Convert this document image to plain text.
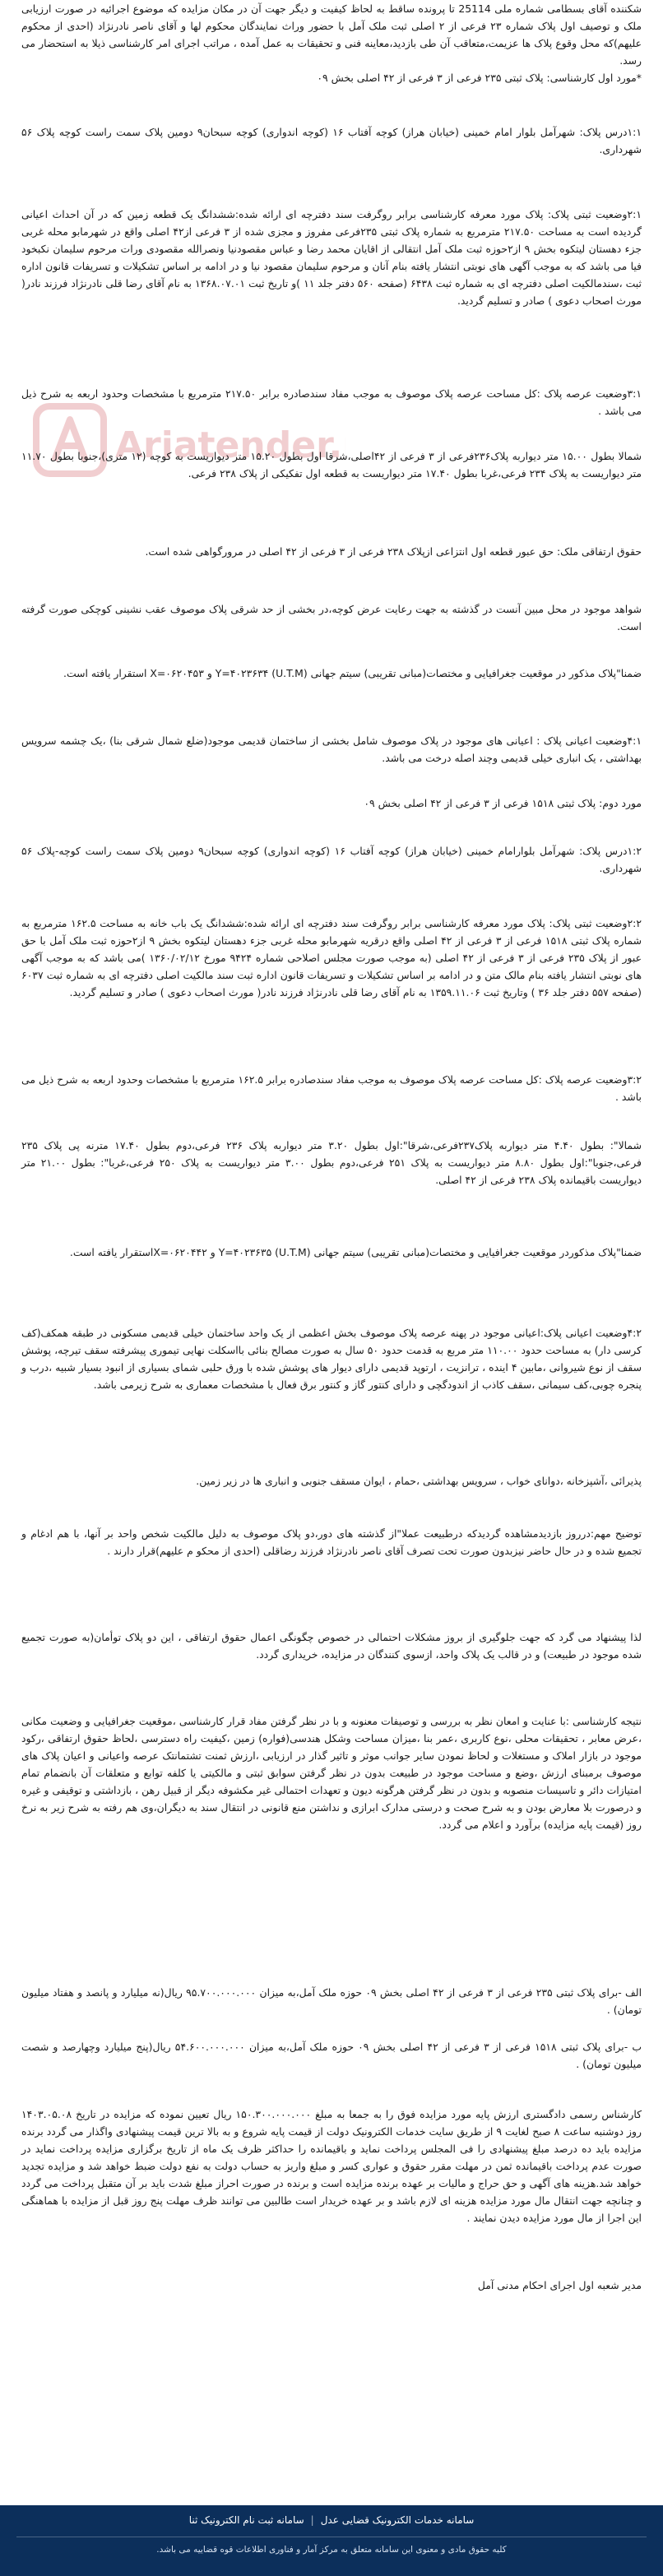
Ariatender.

شکننده آقای بسطامی شماره ملی 25114 تا پرونده ساقط به لحاظ کیفیت و دیگر جهت آن در مکان مزایده که موضوع اجرائیه در صورت ارزیابی ملک و توصیف اول پلاک شماره ۲۳ فرعی از ۲ اصلی ثبت ملک آمل با حضور وراث نمایندگان محکوم لها و آقای ناصر نادرنژاد (احدی از محکوم علیهم)که محل وقوع پلاک ها عزیمت،متعاقب آن طی بازدید،معاینه فنی و تحقیقات به عمل آمده ، مراتب اجرای امر کارشناسی ذیلا به استحضار می رسد.

*مورد اول کارشناسی: پلاک ثبتی ۲۳۵ فرعی از ۳ فرعی از ۴۲ اصلی بخش ۰۹

۱:۱درس پلاک: شهرآمل بلوار امام خمینی (خیابان هراز) کوچه آفتاب ۱۶ (کوچه اندواری) کوچه سبحان۹ دومین پلاک سمت راست کوچه پلاک ۵۶ شهرداری.

۲:۱وضعیت ثبتی پلاک: پلاک مورد معرفه کارشناسی برابر روگرفت سند دفترچه ای ارائه شده:ششدانگ یک قطعه زمین که در آن احداث اعیانی گردیده است به مساحت ۲۱۷.۵۰ مترمربع به شماره پلاک ثبتی ۲۳۵فرعی مفروز و مجزی شده از ۳ فرعی از۴۲ اصلی واقع در شهرمابو محله غربی جزء دهستان لیتکوه بخش ۹ از۲حوزه ثبت ملک آمل انتقالی از اقایان محمد رضا و عباس مقصودنیا ونصرالله مقصودی ورات مرحوم سلیمان نکبخود فیا می باشد که به موجب آگهی های نوبتی انتشار یافته بنام آنان و مرحوم سلیمان مقصود نیا و در ادامه بر اساس تشکیلات و تسریفات قانون اداره ثبت ،سندمالکیت اصلی دفترچه ای به شماره ثبت ۶۴۳۸ (صفحه ۵۶۰ دفتر جلد ۱۱ )و تاریخ ثبت ۱۳۶۸.۰۷.۰۱ به نام آقای رضا قلی نادرنژاد فرزند نادر( مورث اصحاب دعوی ) صادر و تسلیم گردید.

۳:۱وضعیت عرصه پلاک :کل مساحت عرصه پلاک موصوف به موجب مفاد سندصادره برابر ۲۱۷.۵۰ مترمربع با مشخصات وحدود اربعه به شرح ذیل می باشد .

شمالا بطول ۱۵.۰۰ متر دیواربه پلاک۲۳۶فرعی از ۳ فرعی از ۴۲اصلی،شرقا اول بطول ۱۵.۲۰ متر دیواریست به کوچه (۱۲ متری)،جنوبا بطول ۱۱.۷۰ متر دیواریست به پلاک ۲۳۴ فرعی،غربا بطول ۱۷.۴۰ متر دیواریست به قطعه اول تفکیکی از پلاک ۲۳۸ فرعی.

حقوق ارتفاقی ملک: حق عبور قطعه اول انتزاعی ازپلاک ۲۳۸ فرعی از ۳ فرعی از ۴۲ اصلی در مرورگواهی شده است.

شواهد موجود در محل مبین آنست در گذشته به جهت رعایت عرض کوچه،در بخشی از حد شرقی پلاک موصوف عقب نشینی کوچکی صورت گرفته است.

ضمنا"پلاک مذکور در موقعیت جغرافیایی و مختصات(مبانی تقریبی) سیتم جهانی (U.T.M) Y=۴۰۲۳۶۳۴ و X=۰۶۲۰۴۵۳ استقرار یافته است.

۴:۱وضعیت اعیانی پلاک : اعیانی های موجود در پلاک موصوف شامل بخشی از ساختمان قدیمی موجود(ضلع شمال شرقی بنا) ،یک چشمه سرویس بهداشتی ، یک انباری خیلی قدیمی وچند اصله درخت می باشد.

مورد دوم: پلاک ثبتی ۱۵۱۸ فرعی از ۳ فرعی از ۴۲ اصلی بخش ۰۹

۱:۲درس پلاک: شهرآمل بلوارامام خمینی (خیابان هراز) کوچه آفتاب ۱۶ (کوچه اندواری) کوچه سبحان۹ دومین پلاک سمت راست کوچه-پلاک ۵۶ شهرداری.

۲:۲وضعیت ثبتی پلاک: پلاک مورد معرفه کارشناسی برابر روگرفت سند دفترچه ای ارائه شده:ششدانگ یک باب خانه به مساحت ۱۶۲.۵ مترمربع به شماره پلاک ثبتی ۱۵۱۸ فرعی از ۳ فرعی از ۴۲ اصلی واقع درقریه شهرمابو محله غربی جزء دهستان لیتکوه بخش ۹ از۲حوزه ثبت ملک آمل با حق عبور از پلاک ۲۳۵ فرعی از ۳ فرعی از ۴۲ اصلی (به موجب صورت مجلس اصلاحی شماره ۹۴۲۴ مورخ ۱۳۶۰/۰۲/۱۲ )می باشد که به موجب آگهی های نوبتی انتشار یافته بنام مالک متن و در ادامه بر اساس تشکیلات و تسریفات قانون اداره ثبت سند مالکیت اصلی دفترچه ای به شماره ثبت ۶۰۳۷ (صفحه ۵۵۷ دفتر جلد ۳۶ ) وتاریخ ثبت ۱۳۵۹.۱۱.۰۶ به نام آقای رضا قلی نادرنژاد فرزند نادر( مورث اصحاب دعوی ) صادر و تسلیم گردید.

۳:۲وضعیت عرصه پلاک :کل مساحت عرصه پلاک موصوف به موجب مفاد سندصادره برابر ۱۶۲.۵ مترمربع با مشخصات وحدود اربعه به شرح ذیل می باشد .

شمالا": بطول ۴.۴۰ متر دیواربه پلاک۲۳۷فرعی،شرقا":اول بطول ۳.۲۰ متر دیواربه پلاک ۲۳۶ فرعی،دوم بطول ۱۷.۴۰ مترنه پی پلاک ۲۳۵ فرعی،جنوبا":اول بطول ۸.۸۰ متر دیواریست به پلاک ۲۵۱ فرعی،دوم بطول ۳.۰۰ متر دیواریست به پلاک ۲۵۰ فرعی،غربا": بطول ۲۱.۰۰ متر دیواریست باقیمانده پلاک ۲۳۸ فرعی از ۴۲ اصلی.

ضمنا"پلاک مذکوردر موقعیت جغرافیایی و مختصات(مبانی تقریبی) سیتم جهانی (U.T.M) Y=۴۰۲۳۶۳۵ و X=۰۶۲۰۴۴۲استقرار یافته است.

۴:۲وضعیت اعیانی پلاک:اعیانی موجود در پهنه عرصه پلاک موصوف بخش اعظمی از یک واحد ساختمان خیلی قدیمی مسکونی در طبقه همکف(کف کرسی دار) به مساحت حدود ۱۱۰.۰۰ متر مربع به قدمت حدود ۵۰ سال به صورت مصالح بنائی بااسکلت نهایی تیموری پیشرفته سقف تیرچه، پوشش سقف از نوع شیروانی ،مابین ۴ اینده ، ترانزیت ، ارتوپد قدیمی دارای دیوار های پوشش شده با ورق حلبی شمای بسیاری از انبود بسیار شبیه ،درب و پنجره چوبی،کف سیمانی ،سقف کاذب از اندودگچی و دارای کنتور گاز و کنتور برق فعال با مشخصات معماری به شرح زیرمی باشد.

پذیرائی ،آشپزخانه ،دوانای خواب ، سرویس بهداشتی ،حمام ، ایوان مسقف جنوبی و انباری ها در زیر زمین.

توضیح مهم:درروز بازدیدمشاهده گردیدکه درطبیعت عملا"از گذشته های دور،دو پلاک موصوف به دلیل مالکیت شخص واحد بر آنها، با هم ادغام و تجمیع شده و در حال حاضر نیزبدون صورت تحت تصرف آقای ناصر نادرنژاد فرزند رضاقلی (احدی از محکو م علیهم)قرار دارند .

لذا پیشنهاد می گرد که جهت جلوگیری از بروز مشکلات احتمالی در خصوص چگونگی اعمال حقوق ارتفاقی ، این دو پلاک توأمان(به صورت تجمیع شده موجود در طبیعت) و در قالب یک پلاک واحد، ازسوی کنندگان در مزایده، خریداری گردد.

نتیجه کارشناسی :با عنایت و امعان نظر به بررسی و توصیفات معنونه و با در نظر گرفتن مفاد قرار کارشناسی ،موقعیت جغرافیایی و وضعیت مکانی ،عرض معابر ، تحقیقات محلی ،نوع کاربری ،عمر بنا ،میزان مساحت وشکل هندسی(فواره) زمین ،کیفیت راه دسترسی ،لحاظ حقوق ارتفاقی ،رکود موجود در بازار املاک و مستغلات و لحاظ نمودن سایر جوانب موثر و تاثیر گذار در ارزیابی ،ارزش ثمنت تشتمانتک عرصه واعیانی و اعیان پلاک های موصوف برمبنای ارزش ،وضع و مساحت موجود در طبیعت بدون در نظر گرفتن سوابق ثبتی و مالکیتی یا کلفه توابع و متعلقات آن بانضمام تمام امتیازات دائر و تاسیسات منصوبه و بدون در نظر گرفتن هرگونه دیون و تعهدات احتمالی غیر مکشوفه دیگر از قبیل رهن ، بازداشتی و توقیفی و غیره و درصورت بلا معارض بودن و به شرح صحت و درستی مدارک ابرازی و نداشتن منع قانونی در انتقال سند به دیگران،وی هم رفته به شرح زیر به نرخ روز (قیمت پایه مزایده) برآورد و اعلام می گردد.

الف -برای پلاک ثبتی ۲۳۵ فرعی از ۳ فرعی از ۴۲ اصلی بخش ۰۹ حوزه ملک آمل،به میزان ۹۵.۷۰۰.۰۰۰.۰۰۰ ریال(نه میلیارد و پانصد و هفتاد میلیون تومان) .

ب -برای پلاک ثبتی ۱۵۱۸ فرعی از ۳ فرعی از ۴۲ اصلی بخش ۰۹ حوزه ملک آمل،به میزان ۵۴.۶۰۰.۰۰۰.۰۰۰ ریال(پنج میلیارد وچهارصد و شصت میلیون تومان) .

کارشناس رسمی دادگستری ارزش پایه مورد مزایده فوق را به جمعا به مبلغ ۱۵۰.۳۰۰.۰۰۰.۰۰۰ ریال تعیین نموده که مزایده در تاریخ ۱۴۰۳.۰۵.۰۸ روز دوشنبه ساعت ۸ صبح لغایت ۹ از طریق سایت خدمات الکترونیک دولت از قیمت پایه شروع و به بالا ترین قیمت پیشنهادی واگذار می گردد برنده مزایده باید ده درصد مبلغ پیشنهادی را فی المجلس پرداخت نماید و باقیمانده را حداکثر ظرف یک ماه از تاریخ برگزاری مزایده پرداخت نماید در صورت عدم پرداخت باقیمانده ثمن در مهلت مقرر حقوق و عواری کسر و مبلغ واریز به حساب دولت به نفع دولت ضبط خواهد شد و مزایده تجدید خواهد شد.هزینه های آگهی و حق حراج و مالیات بر عهده برنده مزایده است و برنده در صورت احراز مبلغ شدت باید بر آن متقبل پرداخت می گردد و چنانچه جهت انتقال مال مورد مزایده هزینه ای لازم باشد و بر عهده خریدار است طالبین می توانند ظرف مهلت پنج روز قبل از مزایده با هماهنگی این اجرا از مال مورد مزایده دیدن نمایند .

مدیر شعبه اول اجرای احکام مدنی آمل

سامانه خدمات الکترونیک قضایی عدل
|
سامانه ثبت نام الکترونیک ثنا
کلیه حقوق مادی و معنوی این سامانه متعلق به مرکز آمار و فناوری اطلاعات قوه قضاییه می باشد.
